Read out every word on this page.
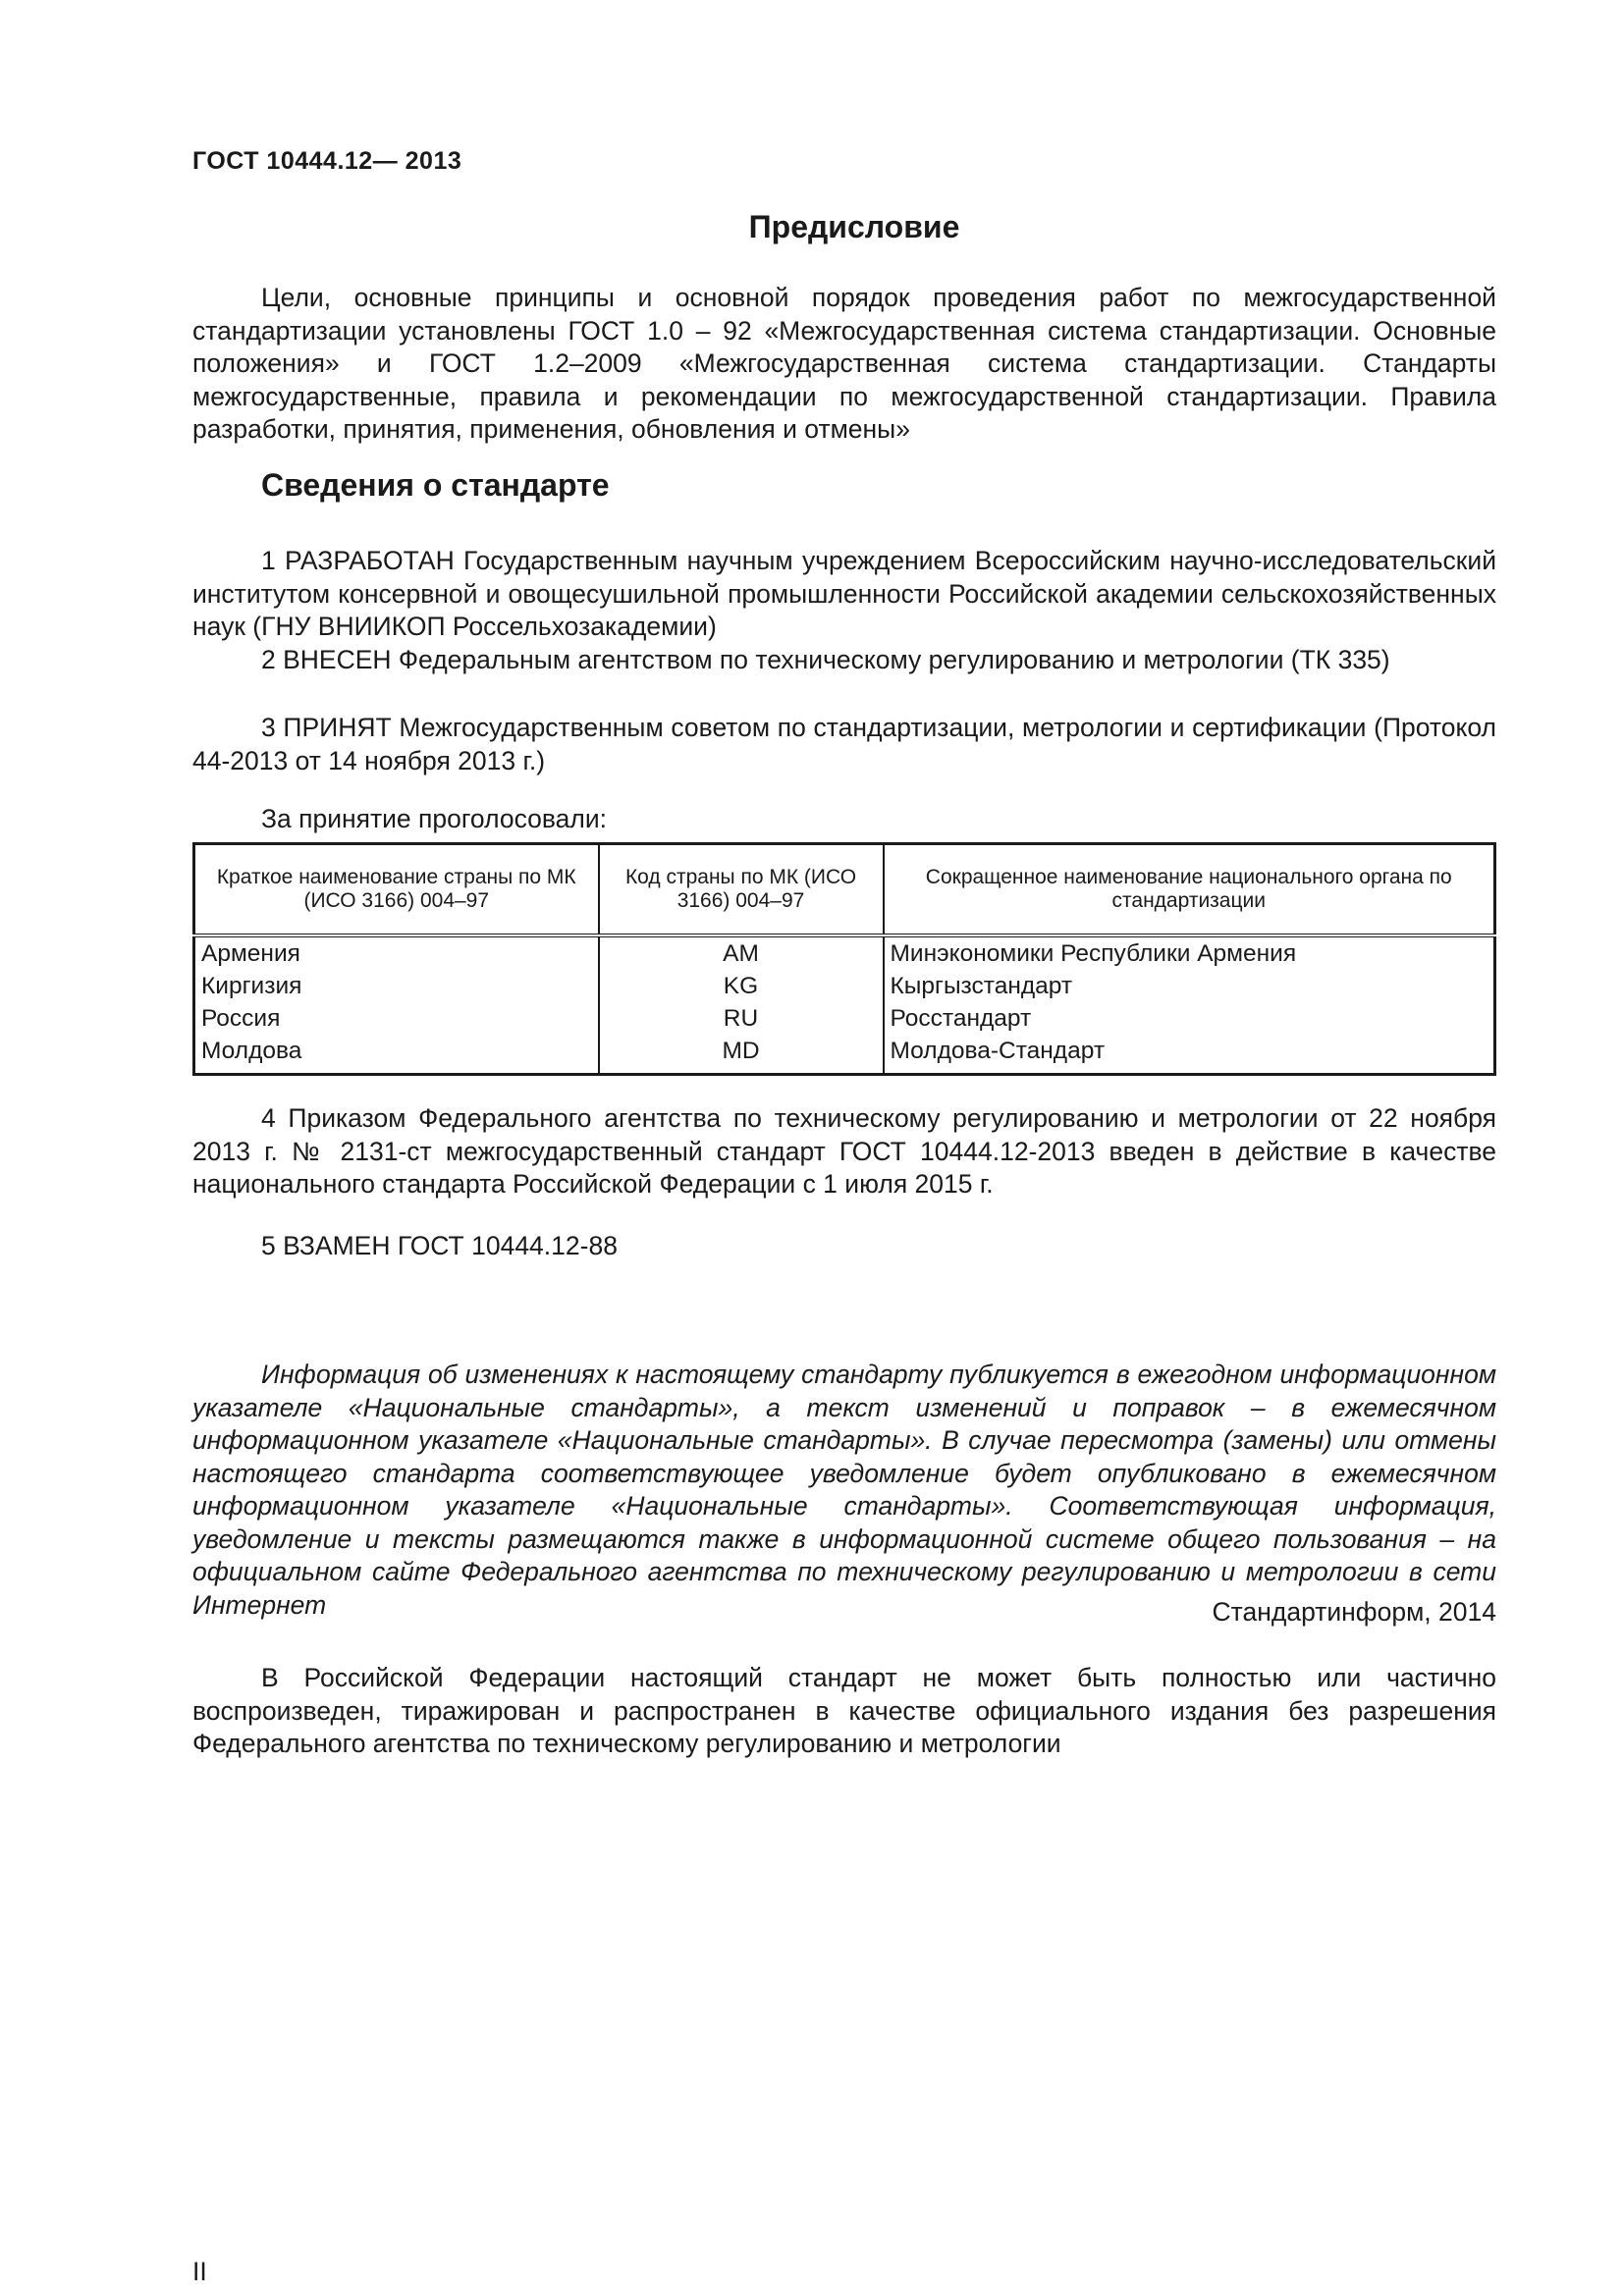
ГОСТ 10444.12— 2013
Предисловие
Цели, основные принципы и основной порядок проведения работ по межгосударственной стандартизации установлены ГОСТ 1.0 – 92 «Межгосударственная система стандартизации. Основные положения» и ГОСТ 1.2–2009 «Межгосударственная система стандартизации. Стандарты межгосударственные, правила и рекомендации по межгосударственной стандартизации. Правила разработки, принятия, применения, обновления и отмены»
Сведения о стандарте
1 РАЗРАБОТАН Государственным научным учреждением Всероссийским научно-исследовательский институтом консервной и овощесушильной промышленности Российской академии сельскохозяйственных наук (ГНУ ВНИИКОП Россельхозакадемии)
2 ВНЕСЕН Федеральным агентством по техническому регулированию и метрологии (ТК 335)
3 ПРИНЯТ Межгосударственным советом по стандартизации, метрологии и сертификации (Протокол 44-2013 от 14 ноября 2013 г.)
За принятие проголосовали:
Краткое наименование страны по МК (ИСО 3166) 004–97	Код страны по МК (ИСО 3166) 004–97	Сокращенное наименование национального органа по стандартизации
Армения	AM	Минэкономики Республики Армения
Киргизия	KG	Кыргызстандарт
Россия	RU	Росстандарт
Молдова	MD	Молдова-Стандарт
4 Приказом Федерального агентства по техническому регулированию и метрологии от 22 ноября 2013 г. № 2131-ст межгосударственный стандарт ГОСТ 10444.12-2013 введен в действие в качестве национального стандарта Российской Федерации с 1 июля 2015 г.
5 ВЗАМЕН ГОСТ 10444.12-88
Информация об изменениях к настоящему стандарту публикуется в ежегодном информационном указателе «Национальные стандарты», а текст изменений и поправок – в ежемесячном информационном указателе «Национальные стандарты». В случае пересмотра (замены) или отмены настоящего стандарта соответствующее уведомление будет опубликовано в ежемесячном информационном указателе «Национальные стандарты». Соответствующая информация, уведомление и тексты размещаются также в информационной системе общего пользования – на официальном сайте Федерального агентства по техническому регулированию и метрологии в сети Интернет	Стандартинформ, 2014
В Российской Федерации настоящий стандарт не может быть полностью или частично воспроизведен, тиражирован и распространен в качестве официального издания без разрешения Федерального агентства по техническому регулированию и метрологии
II
